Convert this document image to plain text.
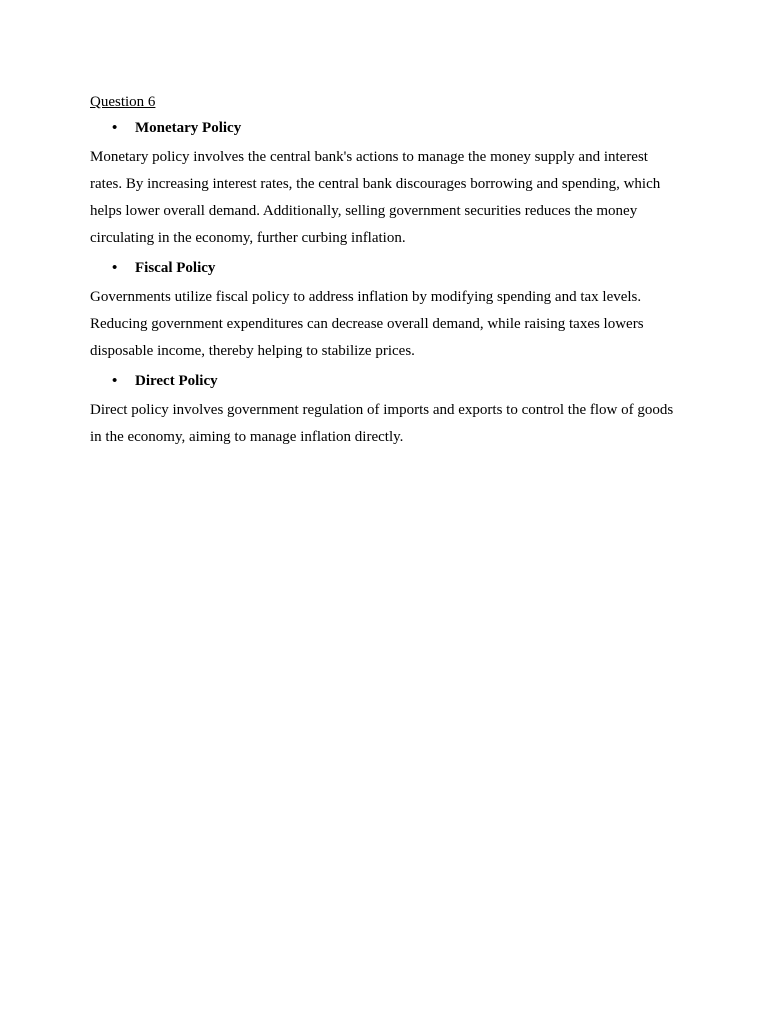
Question 6
•	Monetary Policy
Monetary policy involves the central bank's actions to manage the money supply and interest
rates. By increasing interest rates, the central bank discourages borrowing and spending, which
helps lower overall demand. Additionally, selling government securities reduces the money
circulating in the economy, further curbing inflation.
•	Fiscal Policy
Governments utilize fiscal policy to address inflation by modifying spending and tax levels.
Reducing government expenditures can decrease overall demand, while raising taxes lowers
disposable income, thereby helping to stabilize prices.
•	Direct Policy
Direct policy involves government regulation of imports and exports to control the flow of goods
in the economy, aiming to manage inflation directly.
